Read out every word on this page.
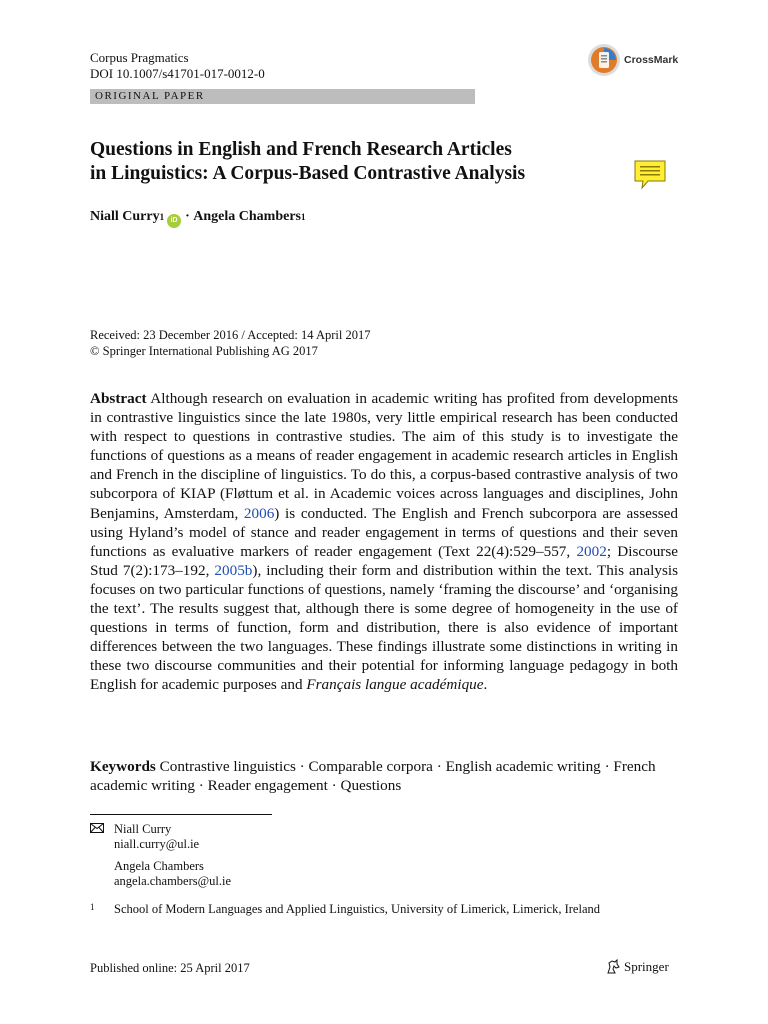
Corpus Pragmatics
DOI 10.1007/s41701-017-0012-0
CrossMark
ORIGINAL PAPER
Questions in English and French Research Articles
in Linguistics: A Corpus-Based Contrastive Analysis
Niall Curry 1 iD ·
Angela Chambers 1
Received: 23 December 2016 / Accepted: 14 April 2017
© Springer International Publishing AG 2017
Abstract Although research on evaluation in academic writing has profited from developments in contrastive linguistics since the late 1980s, very little empirical research has been conducted with respect to questions in contrastive studies. The aim of this study is to investigate the functions of questions as a means of reader engagement in academic research articles in English and French in the discipline of linguistics. To do this, a corpus-based contrastive analysis of two subcorpora of KIAP (Fløttum et al. in Academic voices across languages and disciplines, John Benjamins, Amsterdam, 2006) is conducted. The English and French subcorpora are assessed using Hyland’s model of stance and reader engagement in terms of questions and their seven functions as evaluative markers of reader engagement (Text 22(4):529–557, 2002; Discourse Stud 7(2):173–192, 2005b), including their form and distribution within the text. This analysis focuses on two particular functions of questions, namely ‘framing the discourse’ and ‘organising the text’. The results suggest that, although there is some degree of homogeneity in the use of questions in terms of function, form and distribution, there is also evidence of important differences between the two languages. These findings illustrate some distinctions in writing in these two discourse communities and their potential for informing language pedagogy in both English for academic purposes and Français langue académique.
Keywords Contrastive linguistics · Comparable corpora · English academic writing · French academic writing · Reader engagement · Questions
Niall Curry
niall.curry@ul.ie
Angela Chambers
angela.chambers@ul.ie
1	School of Modern Languages and Applied Linguistics, University of Limerick, Limerick, Ireland
Published online: 25 April 2017	Springer
